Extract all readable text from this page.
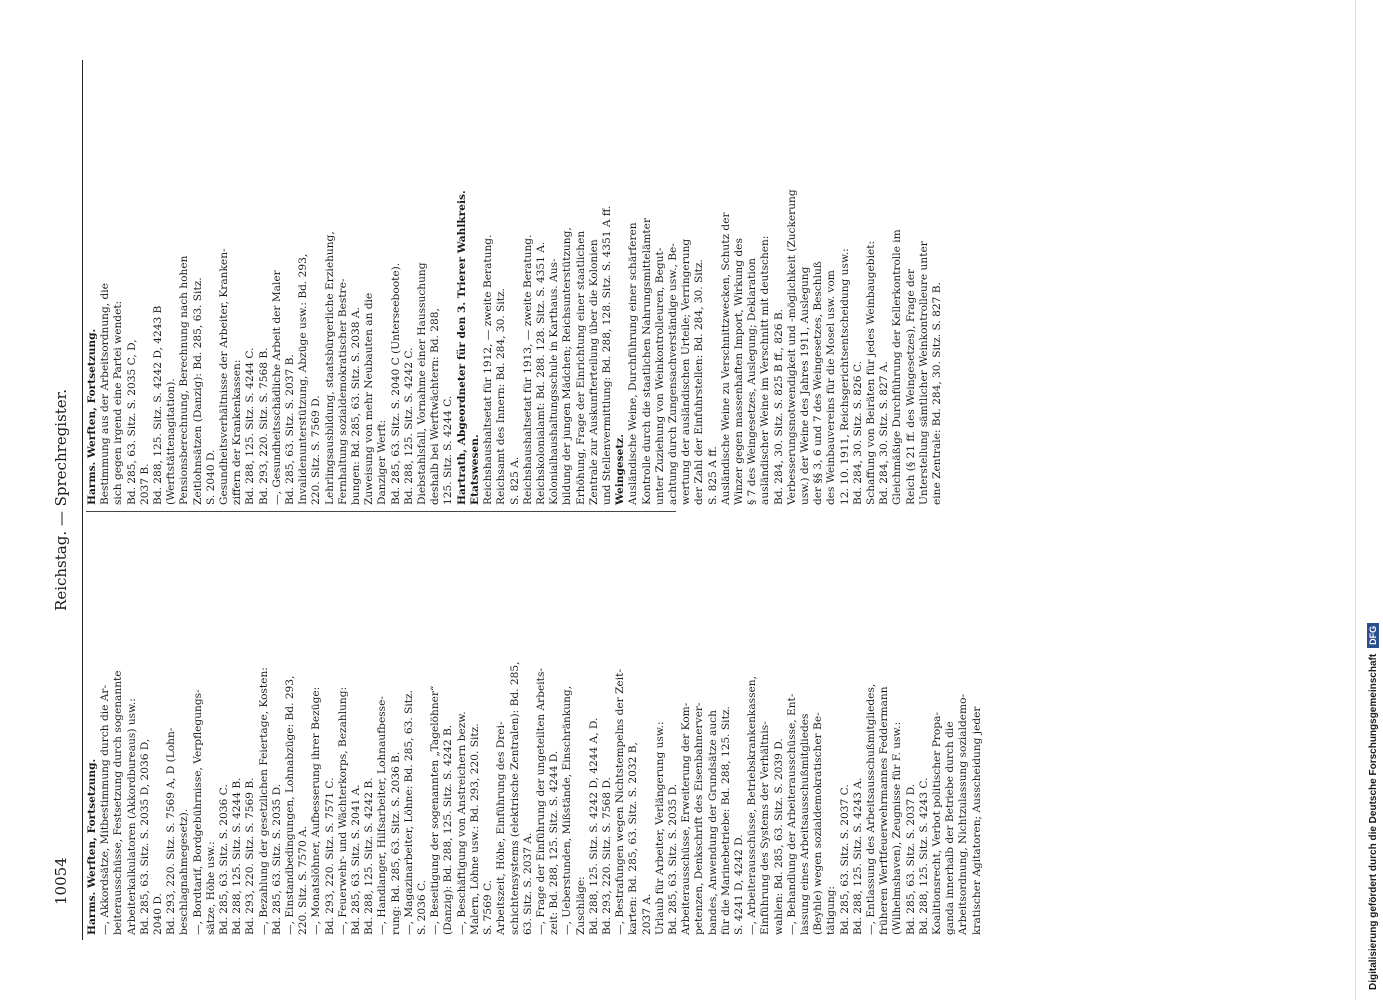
10054
Reichstag. — Sprechregister.
Harms. Werften, Fortsetzung. —, Akkordsätze, Mitbestimmung durch die Ar- beiterausschüsse, Festsetzung durch sogenannte Arbeiterkalkulatoren (Akkordbureaus) usw.: Bd. 285, 63. Sitz. S. 2035 D, 2036 D, 2040 D. Bd. 293, 220. Sitz. S. 7569 A, D (Lohn- beschlagnahmegesetz). —, Bordtarif, Bordgebührnisse, Verpflegungs- sätze, Höhe usw.: Bd. 285, 63. Sitz. S. 2036 C. Bd. 288, 125. Sitz. S. 4244 B. Bd. 293, 220. Sitz. S. 7569 B. —, Bezahlung der gesetzlichen Feiertage, Kosten: Bd. 285, 63. Sitz. S. 2035 D. —, Einstandbedingungen, Lohnabzüge: Bd. 293, 220. Sitz. S. 7570 A. —, Monatslöhner, Aufbesserung ihrer Bezüge: Bd. 293, 220. Sitz. S. 7571 C. —, Feuerwehr- und Wächterkorps, Bezahlung: Bd. 285, 63. Sitz. S. 2041 A. Bd. 288, 125. Sitz. S. 4242 B. —, Handlanger, Hilfsarbeiter, Lohnaufbesse- rung: Bd. 285, 63. Sitz. S. 2036 B. —, Magazinarbeiter, Löhne: Bd. 285, 63. Sitz. S. 2036 C. —, Beseitigung der sogenannten „Tagelöhner“ (Danzig): Bd. 288, 125. Sitz. S. 4242 B. —, Beschäftigung von Anstreichern bezw. Malern, Löhne usw.: Bd. 293, 220. Sitz. S. 7569 C. Arbeitszeit, Höhe, Einführung des Drei- schichtensystems (elektrische Zentralen): Bd. 285, 63. Sitz. S. 2037 A. —, Frage der Einführung der ungeteilten Arbeits- zeit: Bd. 288, 125. Sitz. S. 4244 D. —, Ueberstunden, Mißstände, Einschränkung, Zuschläge: Bd. 288, 125. Sitz. S. 4242 D, 4244 A, D. Bd. 293, 220. Sitz. S. 7568 D. —, Bestrafungen wegen Nichtstempelns der Zeit- karten: Bd. 285, 63. Sitz. S. 2032 B, 2037 A. Urlaub für Arbeiter, Verlängerung usw.: Bd. 285, 63. Sitz. S. 2035 D. Arbeiterausschüsse, Erweiterung der Kom- petenzen, Denkschrift des Eisenbahnerver- bandes, Anwendung der Grundsätze auch für die Marinebetriebe: Bd. 288, 125. Sitz. S. 4241 D, 4242 D. —, Arbeiterausschüsse, Betriebskrankenkassen, Einführung des Systems der Verhältnis- wahlen: Bd. 285, 63. Sitz. S. 2039 D. —, Behandlung der Arbeiterausschüsse, Ent- lassung eines Arbeitsausschußmitgliedes (Beyhle) wegen sozialdemokratischer Be- tätigung: Bd. 285, 63. Sitz. S. 2037 C. Bd. 288, 125. Sitz. S. 4243 A. —, Entlassung des Arbeitsausschußmitgliedes, früheren Werftfeuerwehrmannes Feddermann (Wilhelmshaven), Zeugnisse für F. usw.: Bd. 285, 63. Sitz. S. 2037 D. Bd. 288, 125. Sitz. S. 4243 C. Koalitionsrecht, Verbot politischer Propa- ganda innerhalb der Betriebe durch die Arbeitsordnung, Nichtzulassung sozialdemo- kratischer Agitatoren; Ausscheidung jeder
Harms. Werften, Fortsetzung. Bestimmung aus der Arbeitsordnung, die sich gegen irgend eine Partei wendet: Bd. 285, 63. Sitz. S. 2035 C, D, 2037 B. Bd. 288, 125. Sitz. S. 4242 D, 4243 B (Werftstättenagitation). Pensionsberechnung, Berechnung nach hohen Zeitlohnsätzen (Danzig): Bd. 285, 63. Sitz. S. 2040 D. Gesundheitsverhältnisse der Arbeiter, Kranken- ziffern der Krankenkassen: Bd. 288, 125. Sitz. S. 4244 C. Bd. 293, 220. Sitz. S. 7568 B. —, Gesundheitsschädliche Arbeit der Maler Bd. 285, 63. Sitz. S. 2037 B. Invalidenunterstützung, Abzüge usw.: Bd. 293, 220. Sitz. S. 7569 D. Lehrlingsausbildung, staatsbürgerliche Erziehung, Fernhaltung sozialdemokratischer Bestre- bungen: Bd. 285, 63. Sitz. S. 2038 A. Zuweisung von mehr Neubauten an die Danziger Werft: Bd. 285, 63. Sitz. S. 2040 C (Unterseeboote). Bd. 288, 125. Sitz. S. 4242 C. Diebstahlsfall, Vornahme einer Haussuchung deshalb bei Werftwächtern: Bd. 288, 125. Sitz. S. 4244 C. Hartrath, Abgeordneter für den 3. Trierer Wahlkreis. Etatswesen. Reichshaushaltsetat für 1912, — zweite Beratung. Reichsamt des Innern: Bd. 284, 30. Sitz. S. 825 A. Reichshaushaltsetat für 1913, — zweite Beratung. Reichskolonialamt: Bd. 288. 128. Sitz. S. 4351 A. Kolonialhaushaltungsschule in Karthaus. Aus- bildung der jungen Mädchen; Reichsunterstützung, Erhöhung, Frage der Einrichtung einer staatlichen Zentrale zur Auskunfterteilung über die Kolonien und Stellenvermittlung: Bd. 288, 128. Sitz. S. 4351 A ff. Weingesetz. Ausländische Weine, Durchführung einer schärferen Kontrolle durch die staatlichen Nahrungsmittelämter unter Zuziehung von Weinkontrolleuren, Begut- achtung durch Zungensachverständige usw., Be- wertung der ausländischen Urteile; Verringerung der Zahl der Einfuhrstellen: Bd. 284, 30. Sitz. S. 825 A ff. Ausländische Weine zu Verschnittzwecken, Schutz der Winzer gegen massenhaften Import, Wirkung des § 7 des Weingesetzes, Auslegung; Deklaration ausländischer Weine im Verschnitt mit deutschen: Bd. 284, 30. Sitz. S. 825 B ff., 826 B. Verbesserungsnotwendigkeit und -möglichkeit (Zuckerung usw.) der Weine des Jahres 1911, Auslegung der §§ 3, 6 und 7 des Weingesetzes, Beschluß des Weinbauvereins für die Mosel usw. vom 12. 10. 1911, Reichsgerichtsentscheidung usw.: Bd. 284, 30. Sitz. S. 826 C. Schaffung von Beiräten für jedes Weinbaugebiet: Bd. 284, 30. Sitz. S. 827 A. Gleichmäßige Durchführung der Kellerkontrolle im Reich (§ 21 ff. des Weingesetzes), Frage der Unterstellung sämtlicher Weinkontrolleure unter eine Zentrale: Bd. 284, 30. Sitz. S. 827 B.
Digitalisierung gefördert durch die Deutsche Forschungsgemeinschaft
DFG
